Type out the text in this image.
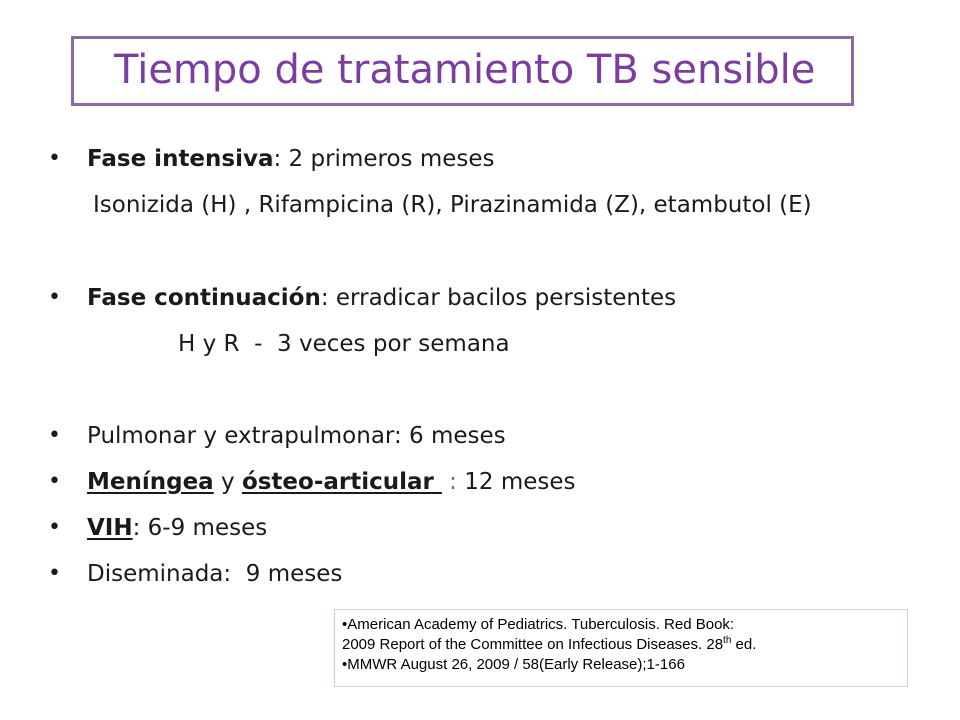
Tiempo de tratamiento TB sensible
• Fase intensiva: 2 primeros meses
Isonizida (H) , Rifampicina (R), Pirazinamida (Z), etambutol (E)
• Fase continuación: erradicar bacilos persistentes
H y R  -  3 veces por semana
• Pulmonar y extrapulmonar: 6 meses
• Meníngea y ósteo-articular  : 12 meses
• VIH: 6-9 meses
• Diseminada:  9 meses
•American Academy of Pediatrics. Tuberculosis. Red Book:
2009 Report of the Committee on Infectious Diseases. 28th ed.
•MMWR August 26, 2009 / 58(Early Release);1-166
